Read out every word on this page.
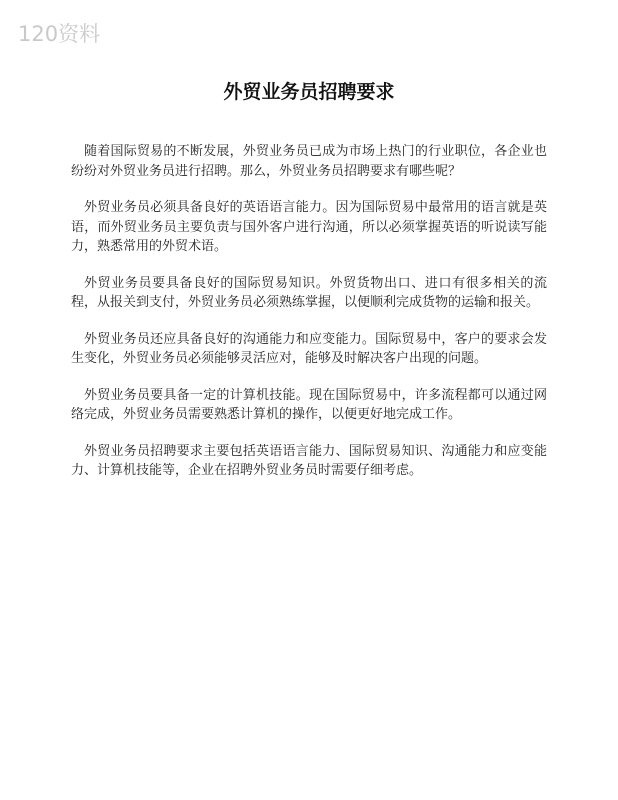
120资料
外贸业务员招聘要求

随着国际贸易的不断发展，外贸业务员已成为市场上热门的行业职位，各企业也纷纷对外贸业务员进行招聘。那么，外贸业务员招聘要求有哪些呢？

外贸业务员必须具备良好的英语语言能力。因为国际贸易中最常用的语言就是英语，而外贸业务员主要负责与国外客户进行沟通，所以必须掌握英语的听说读写能力，熟悉常用的外贸术语。

外贸业务员要具备良好的国际贸易知识。外贸货物出口、进口有很多相关的流程，从报关到支付，外贸业务员必须熟练掌握，以便顺利完成货物的运输和报关。

外贸业务员还应具备良好的沟通能力和应变能力。国际贸易中，客户的要求会发生变化，外贸业务员必须能够灵活应对，能够及时解决客户出现的问题。

外贸业务员要具备一定的计算机技能。现在国际贸易中，许多流程都可以通过网络完成，外贸业务员需要熟悉计算机的操作，以便更好地完成工作。

外贸业务员招聘要求主要包括英语语言能力、国际贸易知识、沟通能力和应变能力、计算机技能等，企业在招聘外贸业务员时需要仔细考虑。
